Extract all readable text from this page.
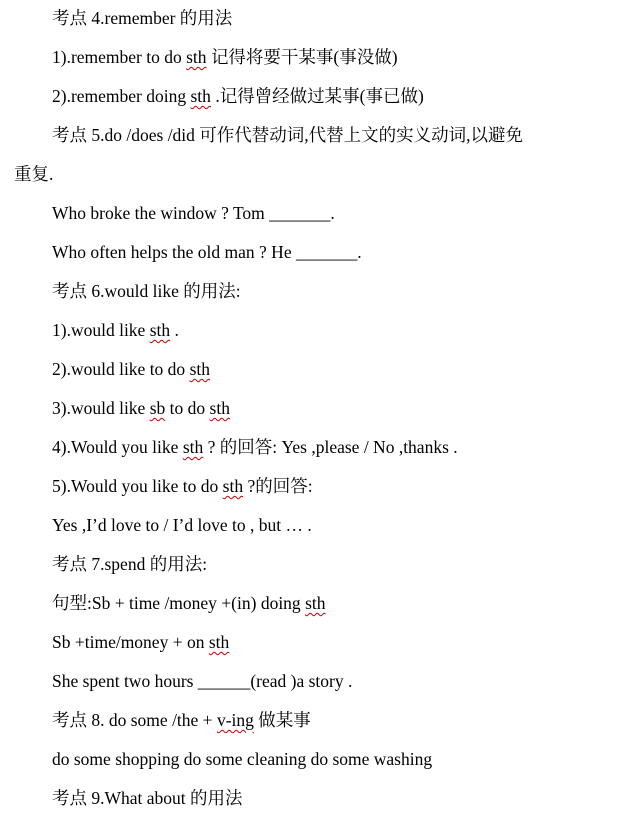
考点 4.remember 的用法
1).remember to do sth 记得将要干某事(事没做)
2).remember doing sth .记得曾经做过某事(事已做)
考点 5.do /does /did 可作代替动词,代替上文的实义动词,以避免
重复.
Who broke the window ? Tom _______.
Who often helps the old man ? He _______.
考点 6.would like 的用法:
1).would like sth .
2).would like to do sth
3).would like sb to do sth
4).Would you like sth ? 的回答: Yes ,please / No ,thanks .
5).Would you like to do sth ?的回答:
Yes ,I’d love to / I’d love to , but … .
考点 7.spend 的用法:
句型:Sb + time /money +(in) doing sth
Sb +time/money + on sth
She spent two hours ______(read )a story .
考点 8. do some /the + v-ing 做某事
do some shopping do some cleaning do some washing
考点 9.What about 的用法
